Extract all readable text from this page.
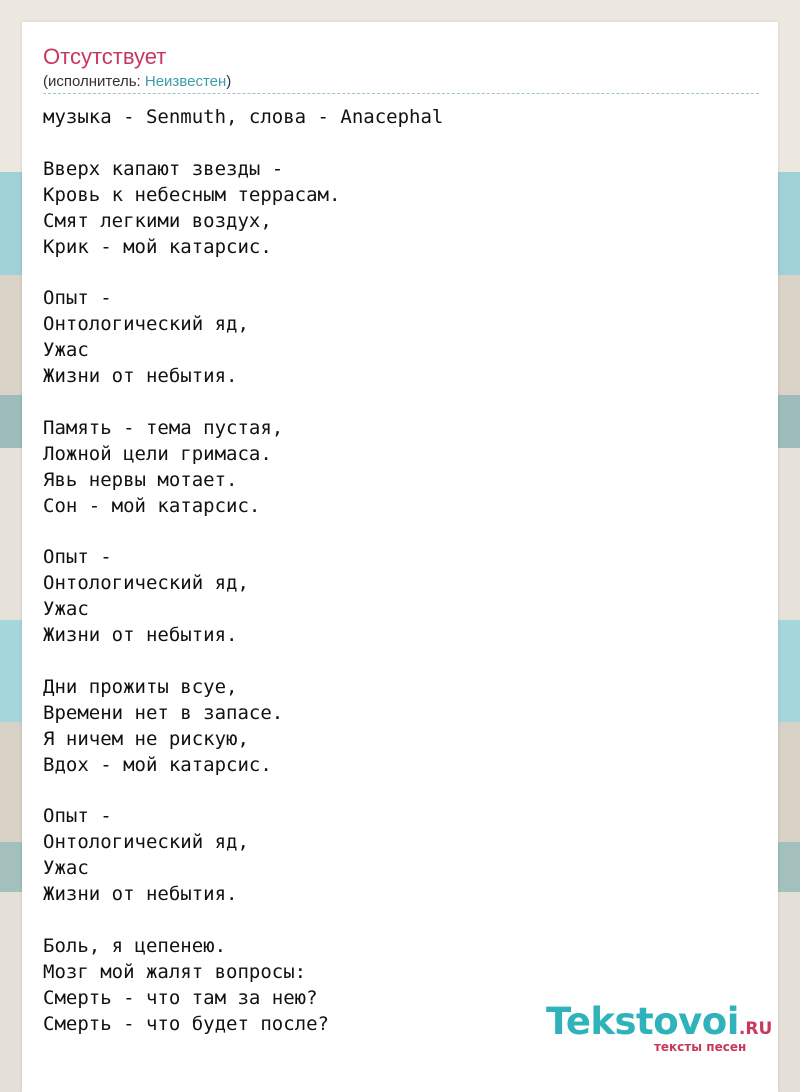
Отсутствует
(исполнитель: Неизвестен)
музыка - Senmuth, слова - Anacephal

Вверх капают звезды -
Кровь к небесным террасам.
Смят легкими воздух,
Крик - мой катарсис.

Опыт -
Онтологический яд,
Ужас
Жизни от небытия.

Память - тема пустая,
Ложной цели гримаса.
Явь нервы мотает.
Сон - мой катарсис.

Опыт -
Онтологический яд,
Ужас
Жизни от небытия.

Дни прожиты всуе,
Времени нет в запасе.
Я ничем не рискую,
Вдох - мой катарсис.

Опыт -
Онтологический яд,
Ужас
Жизни от небытия.

Боль, я цепенею.
Мозг мой жалят вопросы:
Смерть - что там за нею?
Смерть - что будет после?	Tekstovoi.RU
тексты песен
